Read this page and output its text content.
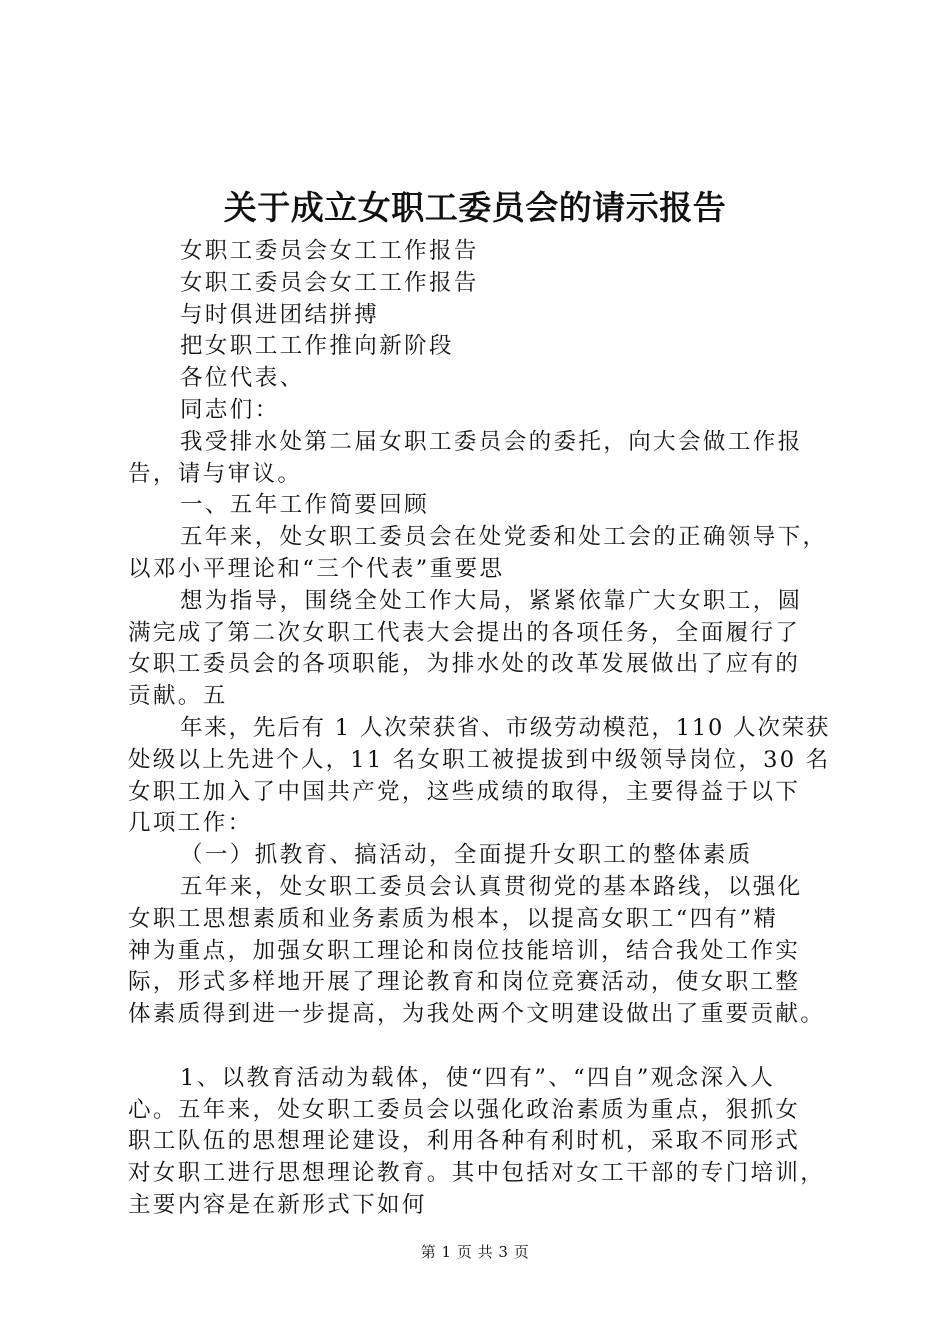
关于成立女职工委员会的请示报告
女职工委员会女工工作报告
女职工委员会女工工作报告
与时俱进团结拼搏
把女职工工作推向新阶段
各位代表、
同志们：
我受排水处第二届女职工委员会的委托，向大会做工作报
告，请与审议。
一、五年工作简要回顾
五年来，处女职工委员会在处党委和处工会的正确领导下，
以邓小平理论和“三个代表”重要思
想为指导，围绕全处工作大局，紧紧依靠广大女职工，圆
满完成了第二次女职工代表大会提出的各项任务，全面履行了
女职工委员会的各项职能，为排水处的改革发展做出了应有的
贡献。五
年来，先后有 1 人次荣获省、市级劳动模范，110 人次荣获
处级以上先进个人，11 名女职工被提拔到中级领导岗位，30 名
女职工加入了中国共产党，这些成绩的取得，主要得益于以下
几项工作：
（一）抓教育、搞活动，全面提升女职工的整体素质
五年来，处女职工委员会认真贯彻党的基本路线，以强化
女职工思想素质和业务素质为根本，以提高女职工“四有”精
神为重点，加强女职工理论和岗位技能培训，结合我处工作实
际，形式多样地开展了理论教育和岗位竞赛活动，使女职工整
体素质得到进一步提高，为我处两个文明建设做出了重要贡献。
1、以教育活动为载体，使“四有”、“四自”观念深入人
心。五年来，处女职工委员会以强化政治素质为重点，狠抓女
职工队伍的思想理论建设，利用各种有利时机，采取不同形式
对女职工进行思想理论教育。其中包括对女工干部的专门培训，
主要内容是在新形式下如何
第 1 页 共 3 页
